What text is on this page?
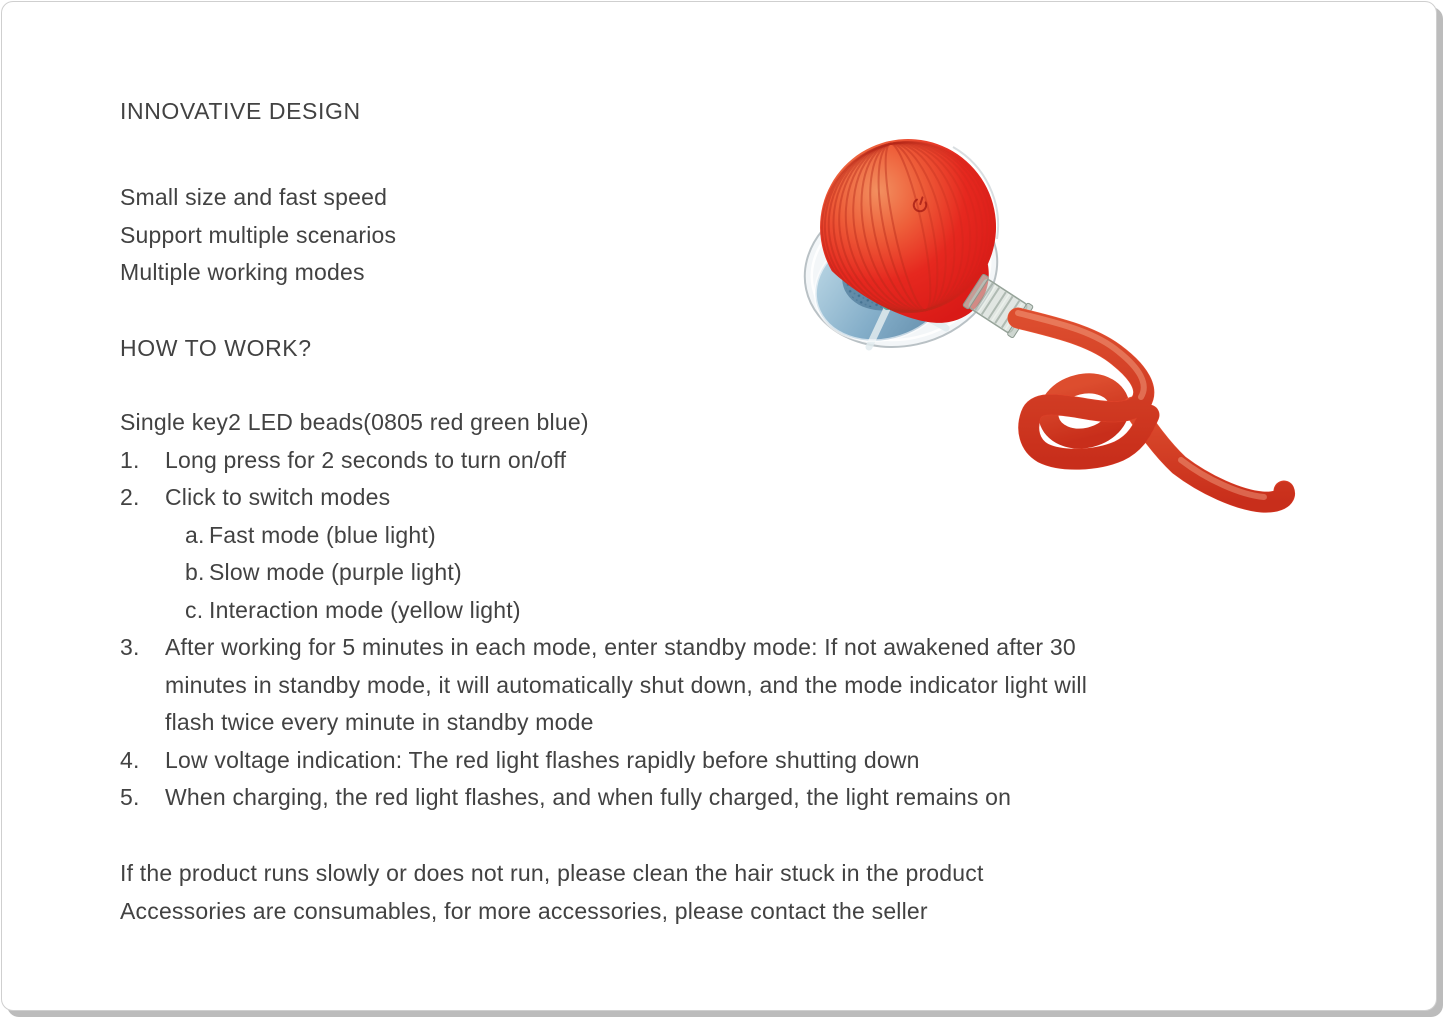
INNOVATIVE DESIGN
Small size and fast speed
Support multiple scenarios
Multiple working modes
HOW TO WORK?
Single key2 LED beads(0805 red green blue)
1.	Long press for 2 seconds to turn on/off
2.	Click to switch modes
a. Fast mode (blue light)
b. Slow mode (purple light)
c. Interaction mode (yellow light)
3.	After working for 5 minutes in each mode, enter standby mode: If not awakened after 30 minutes in standby mode, it will automatically shut down, and the mode indicator light will flash twice every minute in standby mode
4.	Low voltage indication: The red light flashes rapidly before shutting down
5.	When charging, the red light flashes, and when fully charged, the light remains on
If the product runs slowly or does not run, please clean the hair stuck in the product
Accessories are consumables, for more accessories, please contact the seller
